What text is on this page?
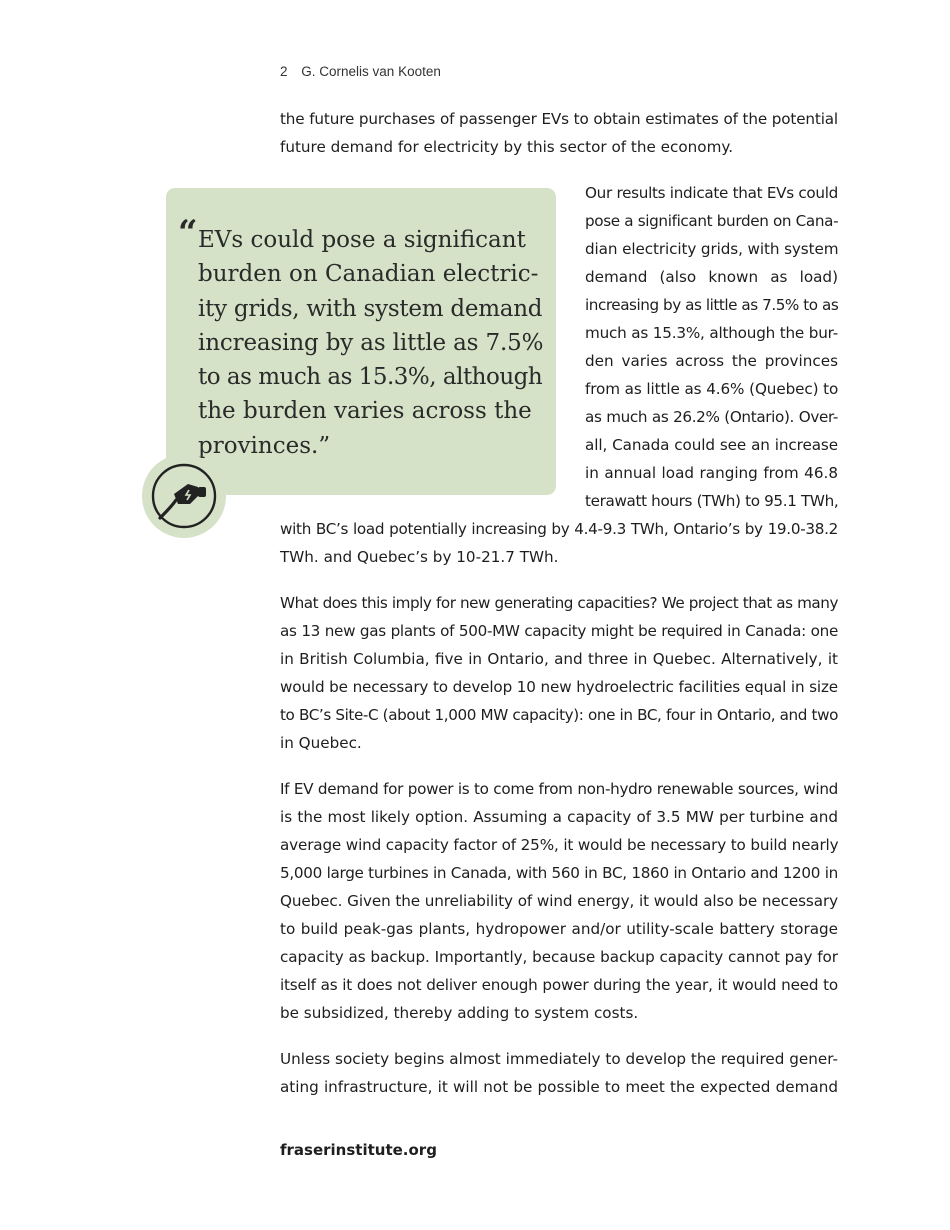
2 G. Cornelis van Kooten
the future purchases of passenger EVs to obtain estimates of the potential
future demand for electricity by this sector of the economy.
“ EVs could pose a significant
burden on Canadian electric-
ity grids, with system demand
increasing by as little as 7.5%
to as much as 15.3%, although
the burden varies across the
provinces.”
Our results indicate that EVs could
pose a significant burden on Cana-
dian electricity grids, with system
demand (also known as load)
increasing by as little as 7.5% to as
much as 15.3%, although the bur-
den varies across the provinces
from as little as 4.6% (Quebec) to
as much as 26.2% (Ontario). Over-
all, Canada could see an increase
in annual load ranging from 46.8
terawatt hours (TWh) to 95.1 TWh,
with BC’s load potentially increasing by 4.4-9.3 TWh, Ontario’s by 19.0-38.2
TWh. and Quebec’s by 10-21.7 TWh.
What does this imply for new generating capacities? We project that as many
as 13 new gas plants of 500-MW capacity might be required in Canada: one
in British Columbia, five in Ontario, and three in Quebec. Alternatively, it
would be necessary to develop 10 new hydroelectric facilities equal in size
to BC’s Site-C (about 1,000 MW capacity): one in BC, four in Ontario, and two
in Quebec.
If EV demand for power is to come from non-hydro renewable sources, wind
is the most likely option. Assuming a capacity of 3.5 MW per turbine and
average wind capacity factor of 25%, it would be necessary to build nearly
5,000 large turbines in Canada, with 560 in BC, 1860 in Ontario and 1200 in
Quebec. Given the unreliability of wind energy, it would also be necessary
to build peak-gas plants, hydropower and/or utility-scale battery storage
capacity as backup. Importantly, because backup capacity cannot pay for
itself as it does not deliver enough power during the year, it would need to
be subsidized, thereby adding to system costs.
Unless society begins almost immediately to develop the required gener-
ating infrastructure, it will not be possible to meet the expected demand
fraserinstitute.org
